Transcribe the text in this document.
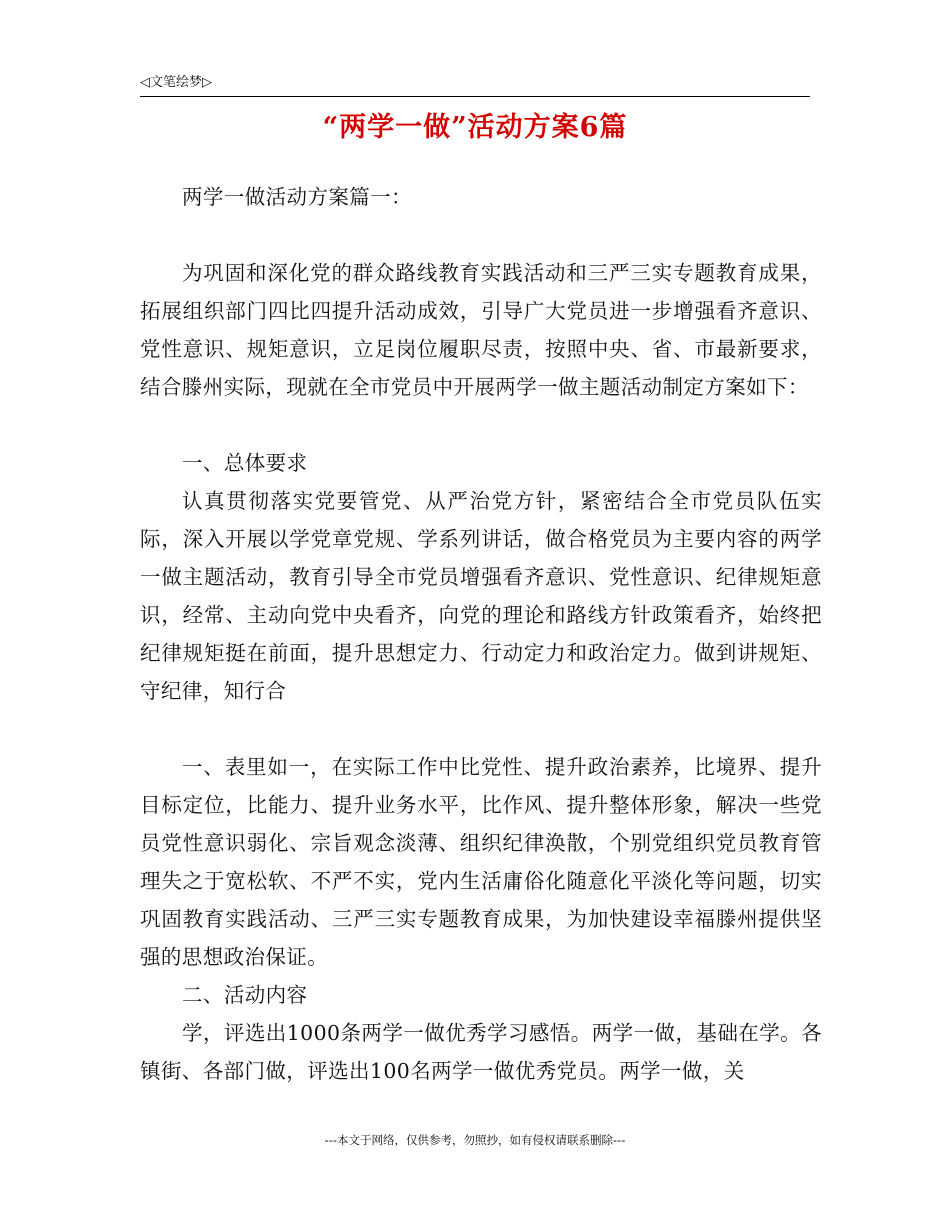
◁文笔绘梦▷
“两学一做”活动方案6篇

两学一做活动方案篇一：

为巩固和深化党的群众路线教育实践活动和三严三实专题教育成果，拓展组织部门四比四提升活动成效，引导广大党员进一步增强看齐意识、党性意识、规矩意识，立足岗位履职尽责，按照中央、省、市最新要求，结合滕州实际，现就在全市党员中开展两学一做主题活动制定方案如下：

一、总体要求

认真贯彻落实党要管党、从严治党方针，紧密结合全市党员队伍实际，深入开展以学党章党规、学系列讲话，做合格党员为主要内容的两学一做主题活动，教育引导全市党员增强看齐意识、党性意识、纪律规矩意识，经常、主动向党中央看齐，向党的理论和路线方针政策看齐，始终把纪律规矩挺在前面，提升思想定力、行动定力和政治定力。做到讲规矩、守纪律，知行合

一、表里如一，在实际工作中比党性、提升政治素养，比境界、提升目标定位，比能力、提升业务水平，比作风、提升整体形象，解决一些党员党性意识弱化、宗旨观念淡薄、组织纪律涣散，个别党组织党员教育管理失之于宽松软、不严不实，党内生活庸俗化随意化平淡化等问题，切实巩固教育实践活动、三严三实专题教育成果，为加快建设幸福滕州提供坚强的思想政治保证。

二、活动内容

学，评选出1000条两学一做优秀学习感悟。两学一做，基础在学。各镇街、各部门做，评选出100名两学一做优秀党员。两学一做，关

---本文于网络，仅供参考，勿照抄，如有侵权请联系删除---
